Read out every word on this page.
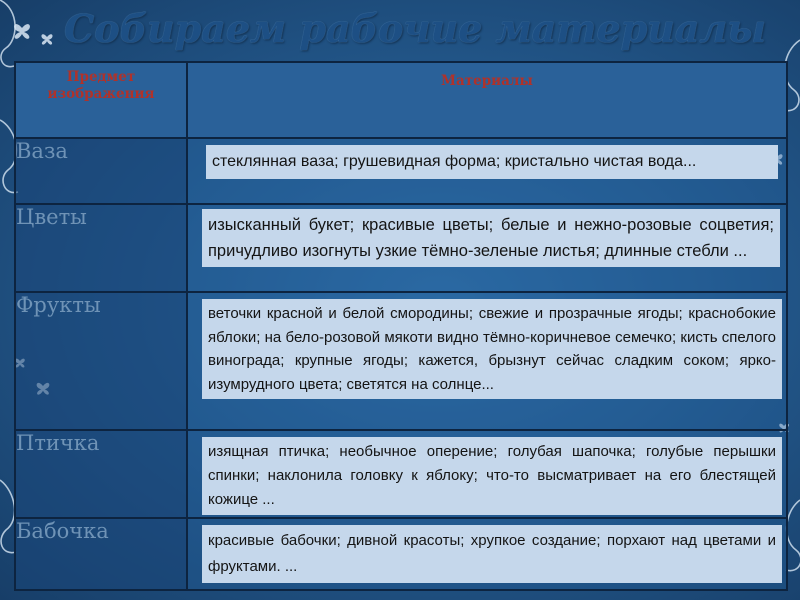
Собираем рабочие материалы
Предмет изображения	Материалы

Ваза	стеклянная ваза; грушевидная форма; кристально чистая вода...

Цветы	изысканный букет; красивые цветы; белые и нежно-розовые соцветия; причудливо изогнуты узкие тёмно-зеленые листья; длинные стебли ...

Фрукты	веточки красной и белой смородины; свежие и прозрачные ягоды; краснобокие яблоки; на бело-розовой мякоти видно тёмно-коричневое семечко; кисть спелого винограда; крупные ягоды; кажется, брызнут сейчас сладким соком; ярко-изумрудного цвета; светятся на солнце...

Птичка	изящная птичка; необычное оперение; голубая шапочка; голубые перышки спинки; наклонила головку к яблоку; что-то высматривает на его блестящей кожице ...

Бабочка	красивые бабочки; дивной красоты; хрупкое создание; порхают над цветами и фруктами. ...
